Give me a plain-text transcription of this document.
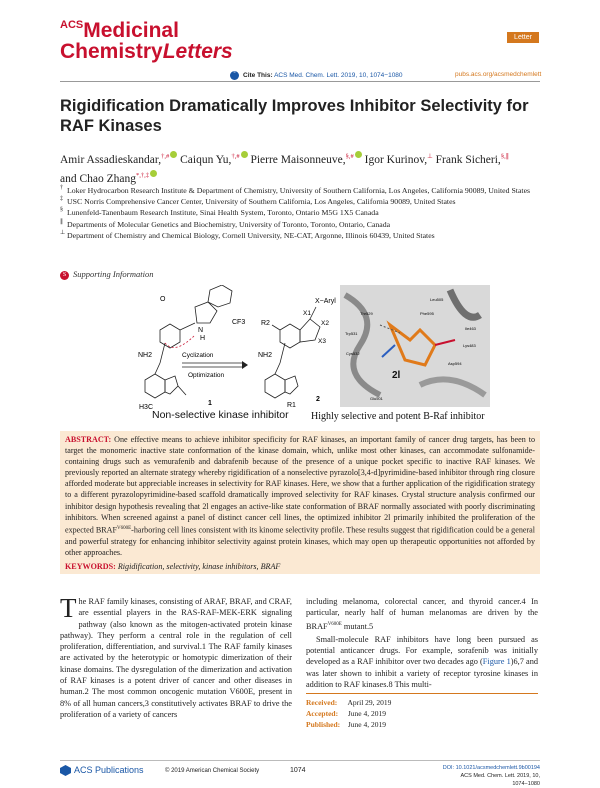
$^{ACS}$Medicinal
ChemistryLetters
” Cite This: ACS Med. Chem. Lett. 2019, 10, 1074−1080
Letter
pubs.acs.org/acsmedchemlett
Rigidification Dramatically Improves Inhibitor Selectivity for RAF Kinases
Amir Assadieskandar,†,# Caiqun Yu,†,# Pierre Maisonneuve,§,# Igor Kurinov,⊥ Frank Sicheri,§,∥
and Chao Zhang*,†,‡
† Loker Hydrocarbon Research Institute & Department of Chemistry, University of Southern California, Los Angeles, California 90089, United States
‡ USC Norris Comprehensive Cancer Center, University of Southern California, Los Angeles, California 90089, United States
§ Lunenfeld-Tanenbaum Research Institute, Sinai Health System, Toronto, Ontario M5G 1X5 Canada
∥ Departments of Molecular Genetics and Biochemistry, University of Toronto, Toronto, Ontario, Canada
⊥ Department of Chemistry and Chemical Biology, Cornell University, NE-CAT, Argonne, Illinois 60439, United States
S Supporting Information
O
CF3
N
H
NH2
H3C
1
Cyclization
Optimization
X−Aryl
R2	X2
X3
X1
NH2
R1
2
2l
Trp531
Leu505
Asp594
Ile463
Thr529	Phe595
Lys483
Glu501
Cys532
Non-selective kinase inhibitor Highly selective and potent B-Raf inhibitor
ABSTRACT: One effective means to achieve inhibitor specificity for RAF kinases, an important family of cancer drug targets, has been to target the monomeric inactive state conformation of the kinase domain, which, unlike most other kinases, can accommodate sulfonamide-containing drugs such as vemurafenib and dabrafenib because of the presence of a unique pocket specific to inactive RAF kinases. We previously reported an alternate strategy whereby rigidification of a nonselective pyrazolo[3,4-d]pyrimidine-based inhibitor through ring closure afforded moderate but appreciable increases in selectivity for RAF kinases. Here, we show that a further application of the rigidification strategy to a different pyrazolopyrimidine-based scaffold dramatically improved selectivity for RAF kinases. Crystal structure analysis confirmed our inhibitor design hypothesis revealing that 2l engages an active-like state conformation of BRAF normally associated with poorly discriminating inhibitors. When screened against a panel of distinct cancer cell lines, the optimized inhibitor 2l primarily inhibited the proliferation of the expected $BRAF^{V600E}$-harboring cell lines consistent with its kinome selectivity profile. These results suggest that rigidification could be a general and powerful strategy for enhancing inhibitor selectivity against protein kinases, which may open up therapeutic opportunities not afforded by other approaches.
KEYWORDS: Rigidification, selectivity, kinase inhibitors, BRAF
The RAF family kinases, consisting of ARAF, BRAF, and CRAF, are essential players in the RAS-RAF-MEK-ERK signaling pathway (also known as the mitogen-activated protein kinase pathway). They perform a central role in the regulation of cell proliferation, differentiation, and survival.1 The RAF family kinases are activated by the heterotypic or homotypic dimerization of their kinase domains. The dysregulation of the dimerization and activation of RAF kinases is a potent driver of cancer and other diseases in human.2 The most common oncogenic mutation V600E, present in 8% of all human cancers,3 constitutively activates BRAF to drive the proliferation of a variety of cancers
including melanoma, colorectal cancer, and thyroid cancer.4 In particular, nearly half of human melanomas are driven by the $BRAF^{V600E}$ mutant.5
Small-molecule RAF inhibitors have long been pursued as potential anticancer drugs. For example, sorafenib was initially developed as a RAF inhibitor over two decades ago (Figure 1)6,7 and was later shown to inhibit a variety of receptor tyrosine kinases in addition to RAF kinases.8 This multi-
Received: April 29, 2019
Accepted: June 4, 2019
Published: June 4, 2019
ACS Publications	© 2019 American Chemical Society	1074	DOI: 10.1021/acsmedchemlett.9b00194
ACS Med. Chem. Lett. 2019, 10, 1074−1080
